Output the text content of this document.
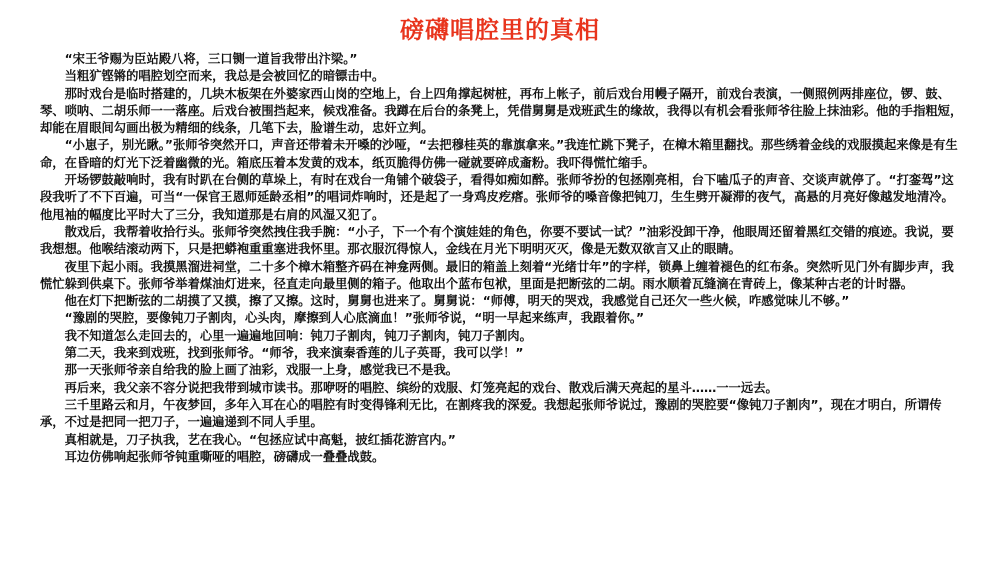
磅礴唱腔里的真相

“宋王爷赐为臣站殿八将，三口铡一道旨我带出汴梁。”

当粗犷铿锵的唱腔划空而来，我总是会被回忆的暗镖击中。

那时戏台是临时搭建的，几块木板架在外婆家西山岗的空地上，台上四角撑起树桩，再布上帐子，前后戏台用幔子隔开，前戏台表演，一侧照例两排座位，锣、鼓、琴、唢呐、二胡乐师一一落座。后戏台被围挡起来，候戏准备。我蹲在后台的条凳上，凭借舅舅是戏班武生的缘故，我得以有机会看张师爷往脸上抹油彩。他的手指粗短，却能在眉眼间勾画出极为精细的线条，几笔下去，脸谱生动，忠奸立判。

“小崽子，别光瞅。”张师爷突然开口，声音还带着未开嗓的沙哑，“去把穆桂英的靠旗拿来。”我连忙跳下凳子，在樟木箱里翻找。那些绣着金线的戏服摸起来像是有生命，在昏暗的灯光下泛着幽微的光。箱底压着本发黄的戏本，纸页脆得仿佛一碰就要碎成齑粉。我吓得慌忙缩手。

开场锣鼓敲响时，我有时趴在台侧的草垛上，有时在戏台一角铺个破袋子，看得如痴如醉。张师爷扮的包拯刚亮相，台下嗑瓜子的声音、交谈声就停了。“打銮驾”这段我听了不下百遍，可当“一保官王恩师延龄丞相”的唱词炸响时，还是起了一身鸡皮疙瘩。张师爷的嗓音像把钝刀，生生劈开凝滞的夜气，高悬的月亮好像越发地清冷。他甩袖的幅度比平时大了三分，我知道那是右肩的风湿又犯了。

散戏后，我帮着收拾行头。张师爷突然拽住我手腕：“小子，下一个有个演娃娃的角色，你要不要试一试？”油彩没卸干净，他眼周还留着黑红交错的痕迹。我说，要我想想。他喉结滚动两下，只是把蟒袍重重塞进我怀里。那衣服沉得惊人，金线在月光下明明灭灭，像是无数双欲言又止的眼睛。

夜里下起小雨。我摸黑溜进祠堂，二十多个樟木箱整齐码在神龛两侧。最旧的箱盖上刻着“光绪廿年”的字样，锁鼻上缠着褪色的红布条。突然听见门外有脚步声，我慌忙躲到供桌下。张师爷举着煤油灯进来，径直走向最里侧的箱子。他取出个蓝布包袱，里面是把断弦的二胡。雨水顺着瓦缝滴在青砖上，像某种古老的计时器。

他在灯下把断弦的二胡摸了又摸，擦了又擦。这时，舅舅也进来了。舅舅说：“师傅，明天的哭戏，我感觉自己还欠一些火候，咋感觉味儿不够。”

“豫剧的哭腔，要像钝刀子割肉，心头肉，摩擦到人心底滴血！”张师爷说，“明一早起来练声，我跟着你。”

我不知道怎么走回去的，心里一遍遍地回响：钝刀子割肉，钝刀子割肉，钝刀子割肉。

第二天，我来到戏班，找到张师爷。“师爷，我来演秦香莲的儿子英哥，我可以学！”

那一天张师爷亲自给我的脸上画了油彩，戏服一上身，感觉我已不是我。

再后来，我父亲不容分说把我带到城市读书。那咿呀的唱腔、缤纷的戏服、灯笼亮起的戏台、散戏后满天亮起的星斗……一一远去。

三千里路云和月，午夜梦回，多年入耳在心的唱腔有时变得锋利无比，在割疼我的深爱。我想起张师爷说过，豫剧的哭腔要“像钝刀子割肉”，现在才明白，所谓传承，不过是把同一把刀子，一遍遍递到不同人手里。

真相就是，刀子执我，艺在我心。“包拯应试中高魁，披红插花游宫内。”

耳边仿佛响起张师爷钝重嘶哑的唱腔，磅礴成一叠叠战鼓。
